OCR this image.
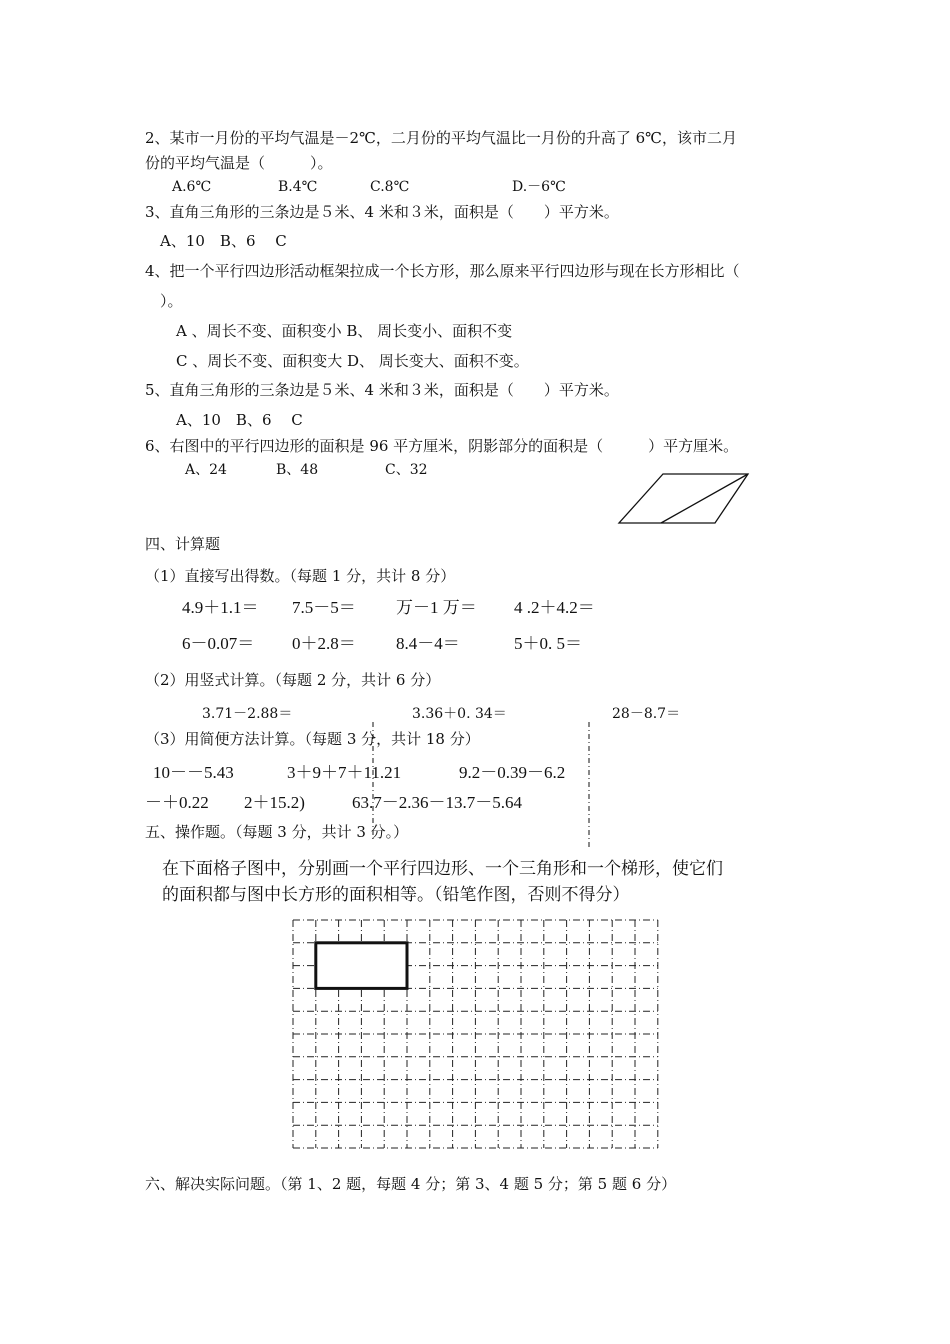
2、某市一月份的平均气温是－2℃，二月份的平均气温比一月份的升高了 6℃，该市二月
份的平均气温是（　　　）。
A.6℃	B.4℃	C.8℃	D.－6℃
3、直角三角形的三条边是５米、4 米和３米，面积是（　　）平方米。
A、10　B、6　 C
4、把一个平行四边形活动框架拉成一个长方形，那么原来平行四边形与现在长方形相比（
）。
A 、周长不变、面积变小 B、 周长变小、面积不变
C 、周长不变、面积变大 D、 周长变大、面积不变。
5、直角三角形的三条边是５米、4 米和３米，面积是（　　）平方米。
A、10　B、6　 C
6、右图中的平行四边形的面积是 96 平方厘米，阴影部分的面积是（　　　）平方厘米。
A、24	B、48	C、32
四、计算题
（1）直接写出得数。（每题 1 分，共计 8 分）
4.9＋1.1＝ 7.5－5＝ 万－1 万＝ 4 .2＋4.2＝
6－0.07＝ 0＋2.8＝ 8.4－4＝	5＋0. 5＝
（2）用竖式计算。（每题 2 分，共计 6 分）
3.71－2.88＝	3.36＋0. 34＝	28－8.7＝
（3）用简便方法计算。（每题 3 分，共计 18 分）
10－－5.43	3＋9＋7＋11.21	9.2－0.39－6.2
－＋0.22 2＋15.2)	63.7－2.36－13.7－5.64
五、操作题。（每题 3 分，共计 3 分。）
在下面格子图中，分别画一个平行四边形、一个三角形和一个梯形，使它们
的面积都与图中长方形的面积相等。（铅笔作图，否则不得分）
六、解决实际问题。（第 1、2 题，每题 4 分；第 3、4 题 5 分；第 5 题 6 分）
